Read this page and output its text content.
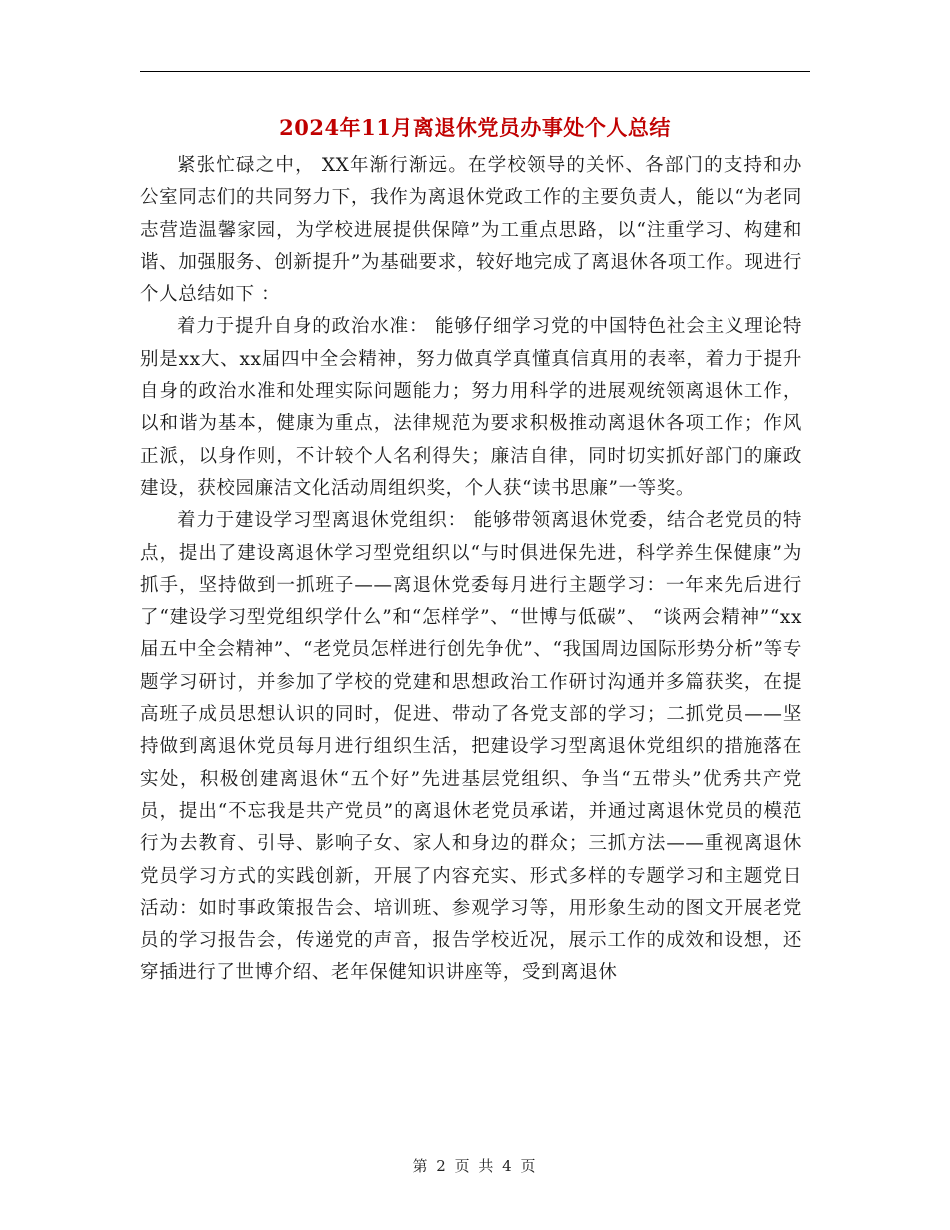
2024年11月离退休党员办事处个人总结

紧张忙碌之中， XX年渐行渐远。在学校领导的关怀、各部门的支持和办公室同志们的共同努力下，我作为离退休党政工作的主要负责人，能以“为老同志营造温馨家园，为学校进展提供保障”为工重点思路，以“注重学习、构建和谐、加强服务、创新提升”为基础要求，较好地完成了离退休各项工作。现进行个人总结如下 ：

着力于提升自身的政治水准： 能够仔细学习党的中国特色社会主义理论特别是xx大、xx届四中全会精神，努力做真学真懂真信真用的表率，着力于提升自身的政治水准和处理实际问题能力；努力用科学的进展观统领离退休工作，以和谐为基本，健康为重点，法律规范为要求积极推动离退休各项工作；作风正派，以身作则，不计较个人名利得失；廉洁自律，同时切实抓好部门的廉政建设，获校园廉洁文化活动周组织奖，个人获“读书思廉”一等奖。

着力于建设学习型离退休党组织： 能够带领离退休党委，结合老党员的特点，提出了建设离退休学习型党组织以“与时俱进保先进，科学养生保健康”为抓手，坚持做到一抓班子——离退休党委每月进行主题学习：一年来先后进行了“建设学习型党组织学什么”和“怎样学”、“世博与低碳”、 “谈两会精神”“xx届五中全会精神”、“老党员怎样进行创先争优”、“我国周边国际形势分析”等专题学习研讨，并参加了学校的党建和思想政治工作研讨沟通并多篇获奖，在提高班子成员思想认识的同时，促进、带动了各党支部的学习；二抓党员——坚持做到离退休党员每月进行组织生活，把建设学习型离退休党组织的措施落在实处，积极创建离退休“五个好”先进基层党组织、争当“五带头”优秀共产党员，提出“不忘我是共产党员”的离退休老党员承诺，并通过离退休党员的模范行为去教育、引导、影响子女、家人和身边的群众；三抓方法——重视离退休党员学习方式的实践创新，开展了内容充实、形式多样的专题学习和主题党日活动：如时事政策报告会、培训班、参观学习等，用形象生动的图文开展老党员的学习报告会，传递党的声音，报告学校近况，展示工作的成效和设想，还穿插进行了世博介绍、老年保健知识讲座等，受到离退休

第 2 页 共 4 页
